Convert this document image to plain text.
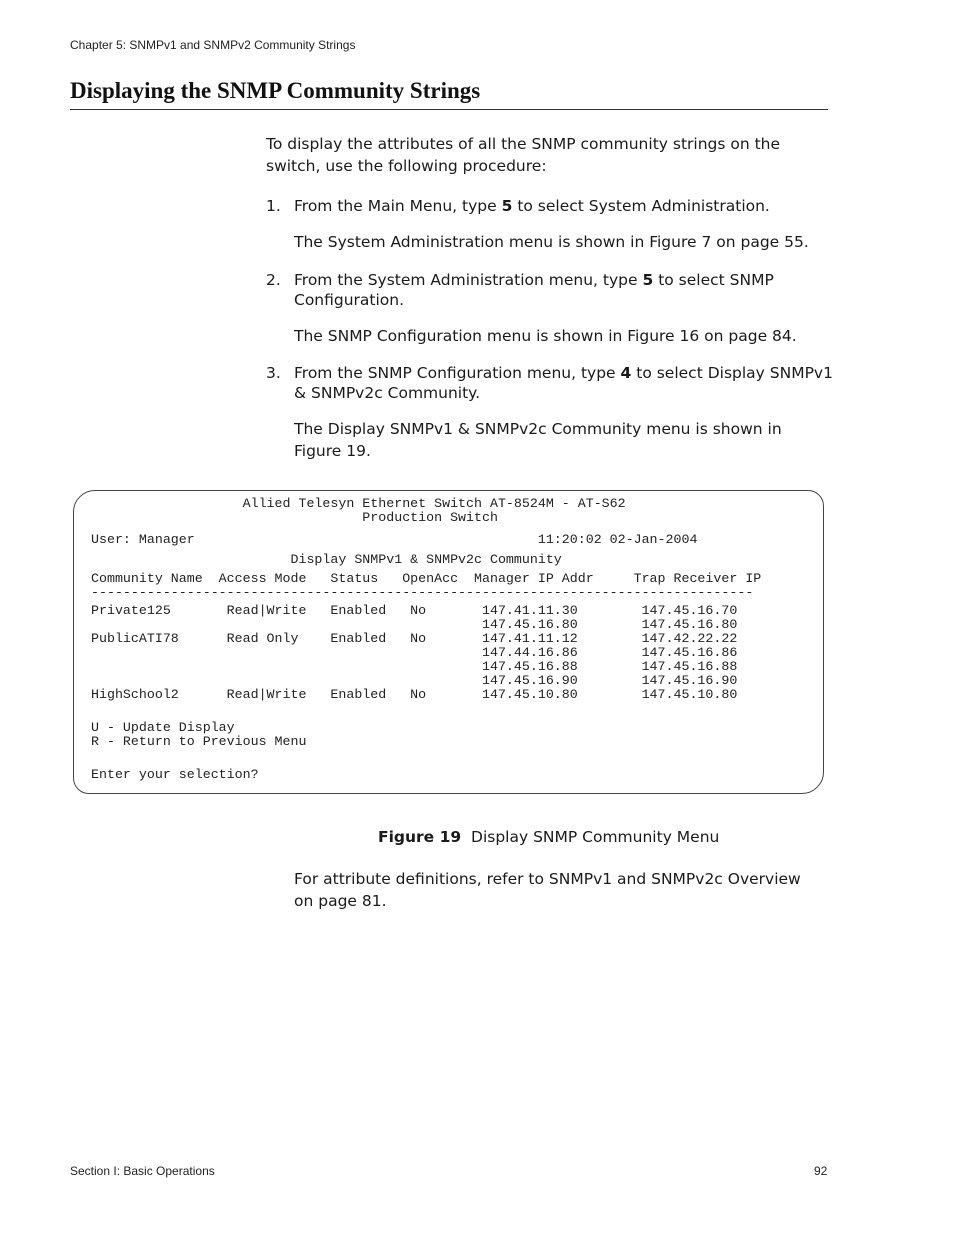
Chapter 5: SNMPv1 and SNMPv2 Community Strings
Displaying the SNMP Community Strings
To display the attributes of all the SNMP community strings on the switch, use the following procedure:
1. From the Main Menu, type 5 to select System Administration.
The System Administration menu is shown in Figure 7 on page 55.
2. From the System Administration menu, type 5 to select SNMP Configuration.
The SNMP Configuration menu is shown in Figure 16 on page 84.
3. From the SNMP Configuration menu, type 4 to select Display SNMPv1 & SNMPv2c Community.
The Display SNMPv1 & SNMPv2c Community menu is shown in Figure 19.
Allied Telesyn Ethernet Switch AT-8524M - AT-S62
Production Switch
User: Manager                                           11:20:02 02-Jan-2004
Display SNMPv1 & SNMPv2c Community
Community Name  Access Mode   Status   OpenAcc  Manager IP Addr     Trap Receiver IP
-----------------------------------------------------------------------------------
Private125       Read|Write   Enabled   No       147.41.11.30        147.45.16.70
147.45.16.80        147.45.16.80
PublicATI78      Read Only    Enabled   No       147.41.11.12        147.42.22.22
147.44.16.86        147.45.16.86
147.45.16.88        147.45.16.88
147.45.16.90        147.45.16.90
HighSchool2      Read|Write   Enabled   No       147.45.10.80        147.45.10.80
U - Update Display
R - Return to Previous Menu
Enter your selection?
Figure 19 Display SNMP Community Menu
For attribute definitions, refer to SNMPv1 and SNMPv2c Overview on page 81.
Section I: Basic Operations	92
